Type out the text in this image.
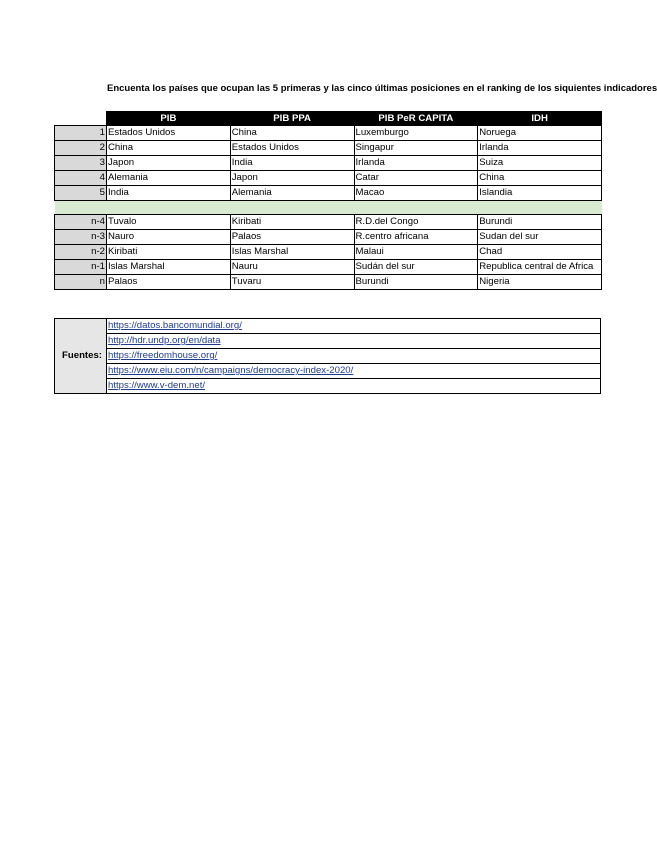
Encuenta los países que ocupan las 5 primeras y las cinco últimas posiciones en el ranking de los siquientes indicadores
	PIB	PIB PPA	PIB PeR CAPITA	IDH
1	Estados Unidos	China	Luxemburgo	Noruega
2	China	Estados Unidos	Singapur	Irlanda
3	Japon	India	Irlanda	Suiza
4	Alemania	Japon	Catar	China
5	India	Alemania	Macao	Islandia

n-4	Tuvalo	Kiribati	R.D.del Congo	Burundi
n-3	Nauro	Palaos	R.centro africana	Sudan del sur
n-2	Kiribati	Islas Marshal	Malaui	Chad
n-1	Islas Marshal	Nauru	Sudán del sur	Republica central de Africa
n	Palaos	Tuvaru	Burundi	Nigeria
Fuentes:	https://datos.bancomundial.org/
http://hdr.undp.org/en/data
https://freedomhouse.org/
https://www.eiu.com/n/campaigns/democracy-index-2020/
https://www.v-dem.net/
